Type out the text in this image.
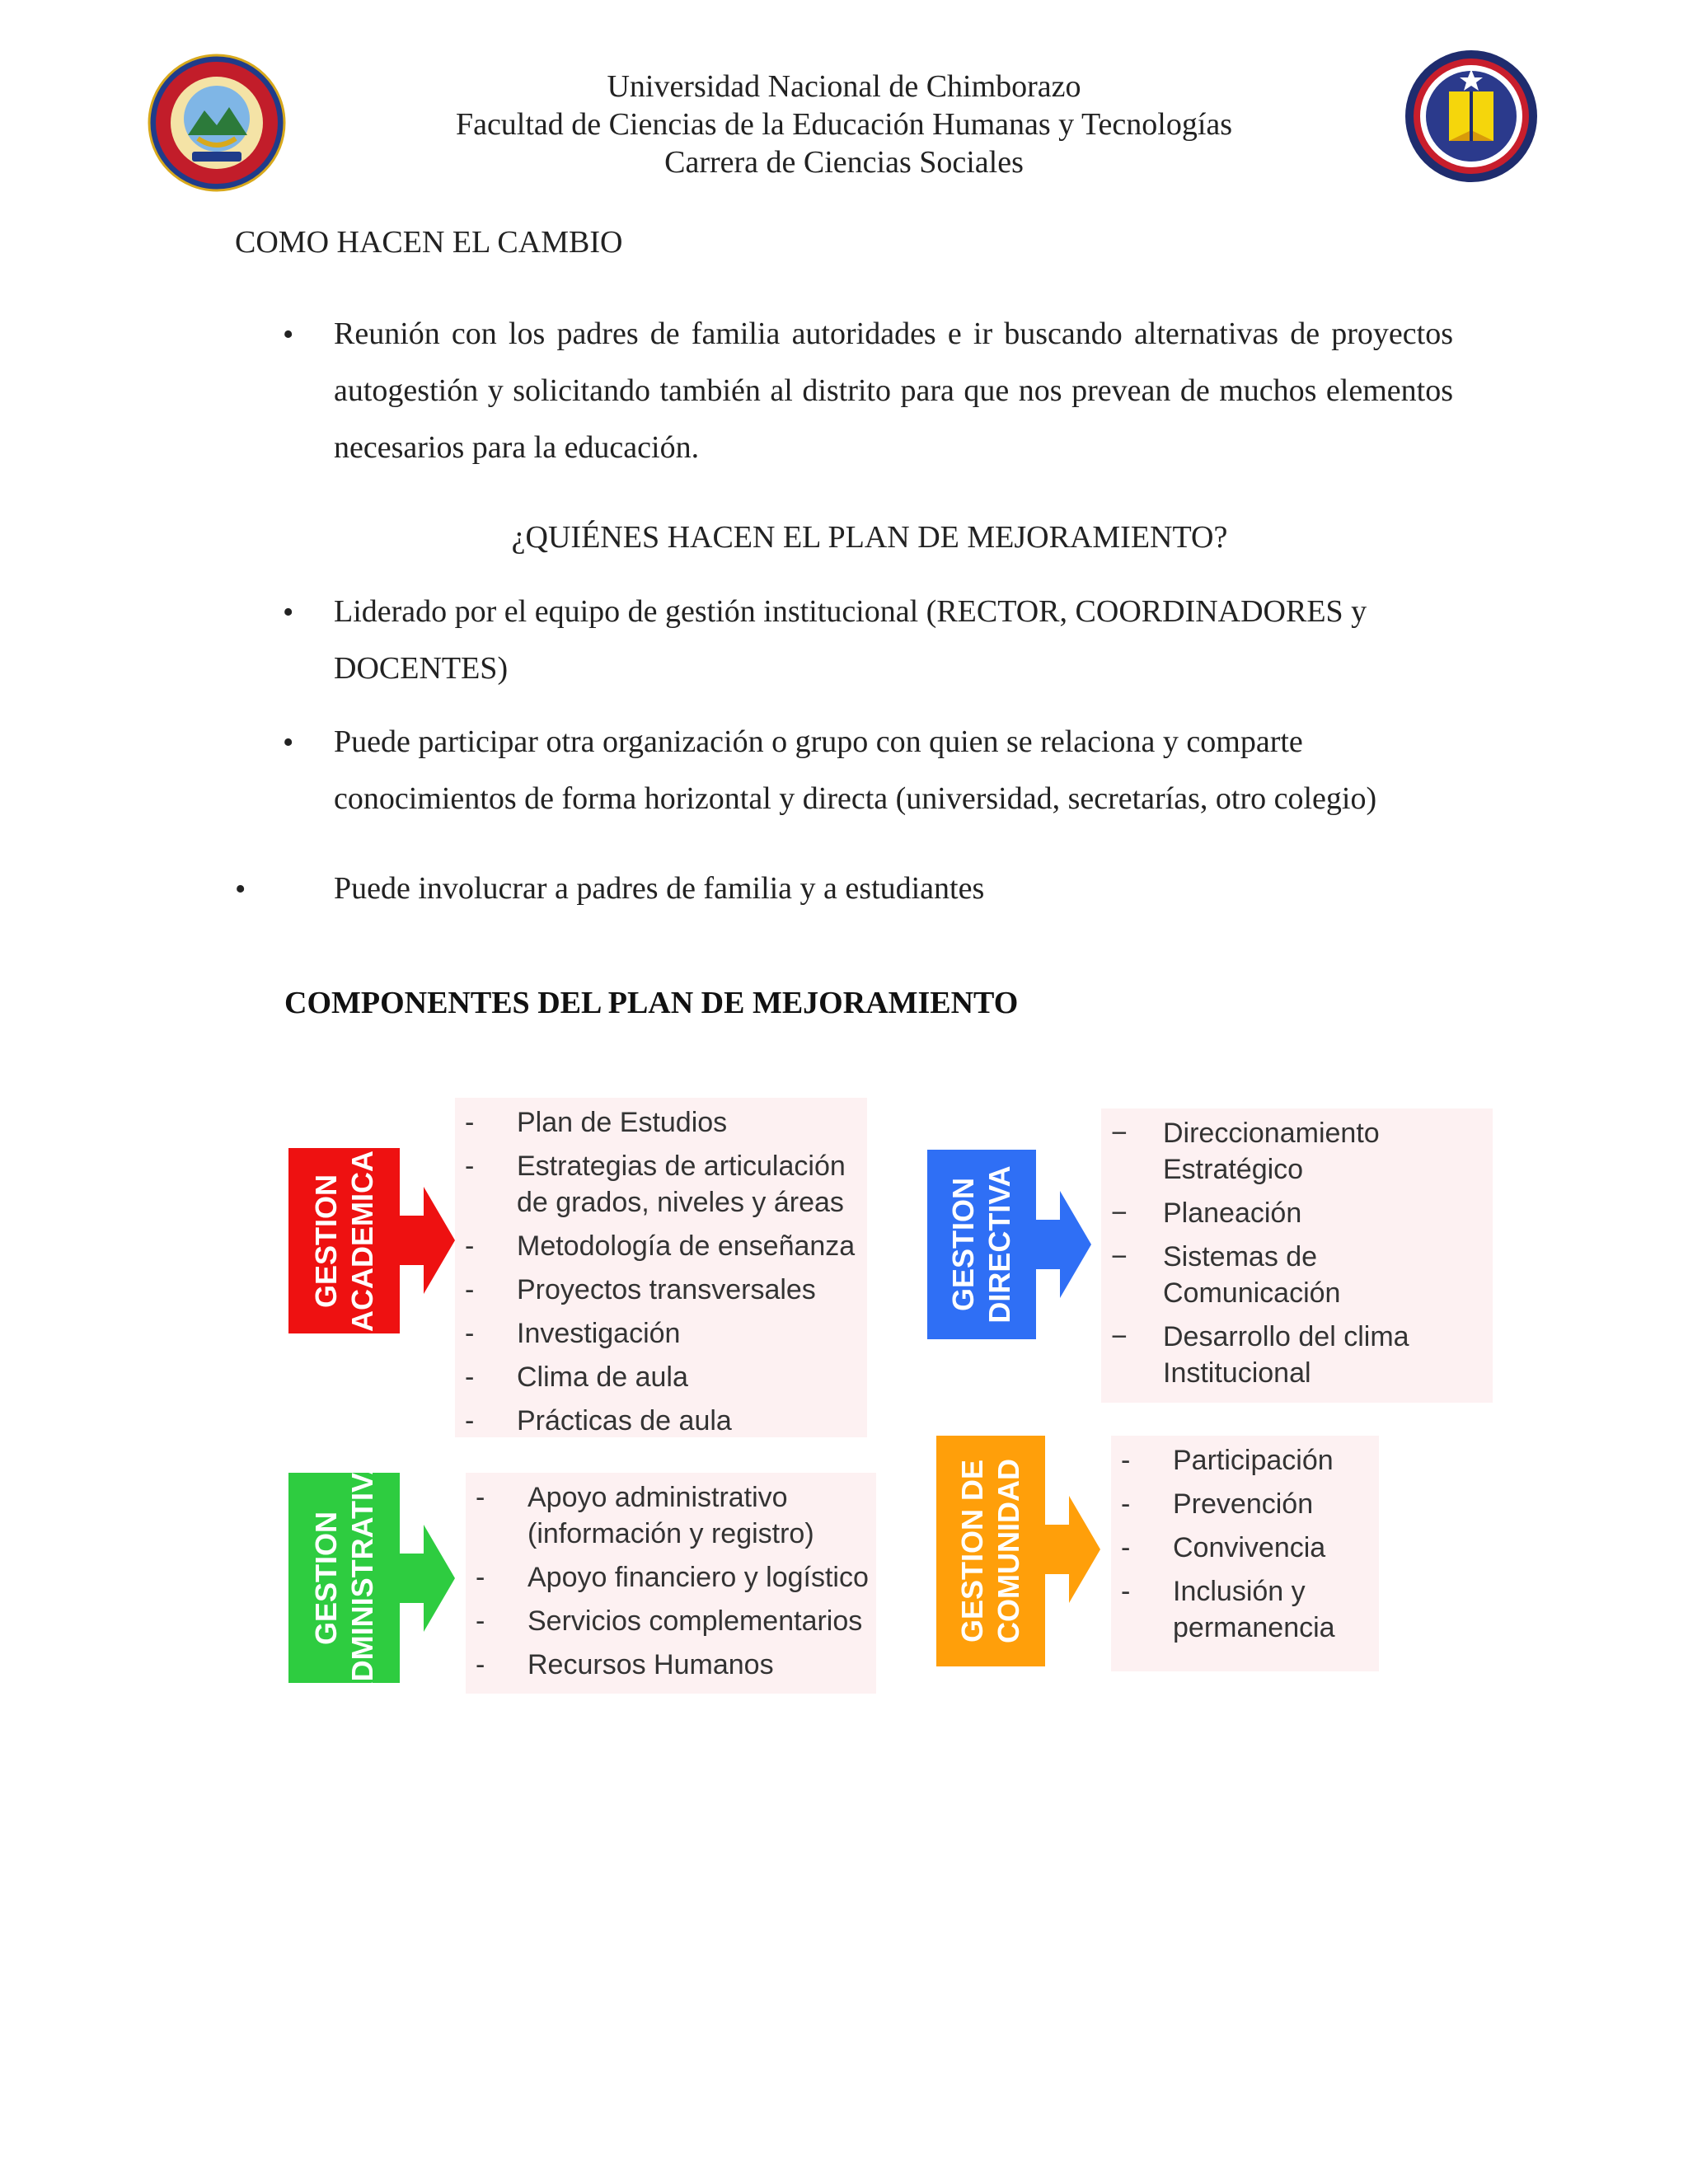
Universidad Nacional de Chimborazo
Facultad de Ciencias de la Educación Humanas y Tecnologías
Carrera de Ciencias Sociales
COMO HACEN EL CAMBIO
• Reunión con los padres de familia autoridades e ir buscando alternativas de proyectos autogestión y solicitando también al distrito para que nos prevean de muchos elementos necesarios para la educación.
¿QUIÉNES HACEN EL PLAN DE MEJORAMIENTO?
• Liderado por el equipo de gestión institucional (RECTOR, COORDINADORES y DOCENTES)
• Puede participar otra organización o grupo con quien se relaciona y comparte conocimientos de forma horizontal y directa (universidad, secretarías, otro colegio)
•	Puede involucrar a padres de familia y a estudiantes
COMPONENTES DEL PLAN DE MEJORAMIENTO
GESTION ACADEMICA
- Plan de Estudios
- Estrategias de articulación de grados, niveles y áreas
- Metodología de enseñanza
- Proyectos transversales
- Investigación
- Clima de aula
- Prácticas de aula
GESTION DIRECTIVA
− Direccionamiento Estratégico
− Planeación
− Sistemas de Comunicación
− Desarrollo del clima Institucional
GESTION ADMINISTRATIVA	- Apoyo administrativo (información y registro)
- Apoyo financiero y logístico
- Servicios complementarios
- Recursos Humanos
GESTION DE COMUNIDAD	- Participación
- Prevención
- Convivencia
- Inclusión y permanencia
